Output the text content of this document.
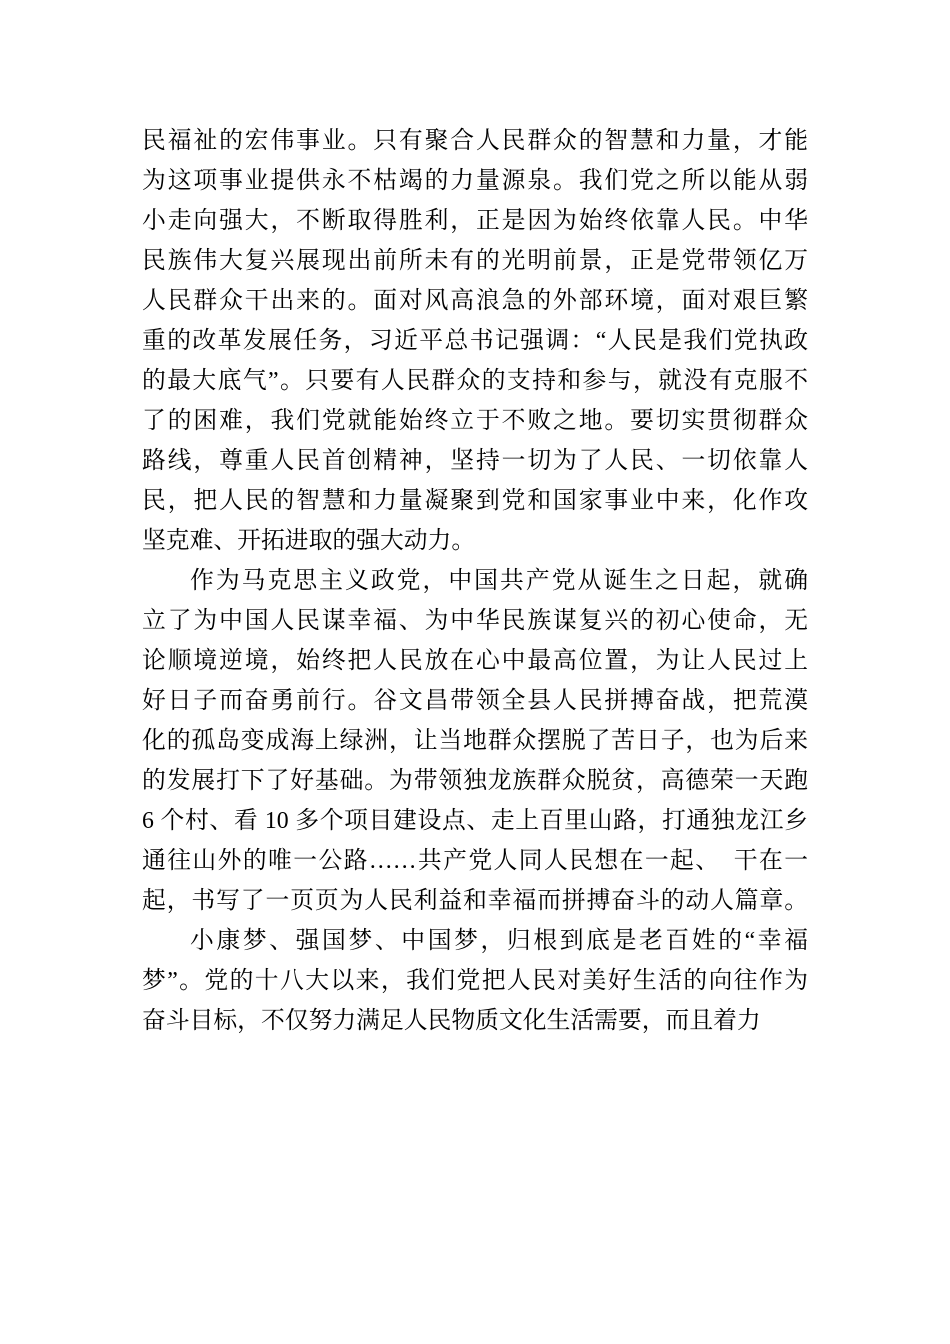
民福祉的宏伟事业。只有聚合人民群众的智慧和力量，才能
为这项事业提供永不枯竭的力量源泉。我们党之所以能从弱
小走向强大，不断取得胜利，正是因为始终依靠人民。中华
民族伟大复兴展现出前所未有的光明前景，正是党带领亿万
人民群众干出来的。面对风高浪急的外部环境，面对艰巨繁
重的改革发展任务，习近平总书记强调：“人民是我们党执政
的最大底气”。只要有人民群众的支持和参与，就没有克服不
了的困难，我们党就能始终立于不败之地。要切实贯彻群众
路线，尊重人民首创精神，坚持一切为了人民、一切依靠人
民，把人民的智慧和力量凝聚到党和国家事业中来，化作攻
坚克难、开拓进取的强大动力。
作为马克思主义政党，中国共产党从诞生之日起，就确
立了为中国人民谋幸福、为中华民族谋复兴的初心使命，无
论顺境逆境，始终把人民放在心中最高位置，为让人民过上
好日子而奋勇前行。谷文昌带领全县人民拼搏奋战，把荒漠
化的孤岛变成海上绿洲，让当地群众摆脱了苦日子，也为后来
的发展打下了好基础。为带领独龙族群众脱贫，高德荣一天跑
6 个村、看 10 多个项目建设点、走上百里山路，打通独龙江乡
通往山外的唯一公路……共产党人同人民想在一起、　干在一
起，书写了一页页为人民利益和幸福而拼搏奋斗的动人篇章。
小康梦、强国梦、中国梦，归根到底是老百姓的“幸福
梦”。党的十八大以来，我们党把人民对美好生活的向往作为
奋斗目标，不仅努力满足人民物质文化生活需要，而且着力
